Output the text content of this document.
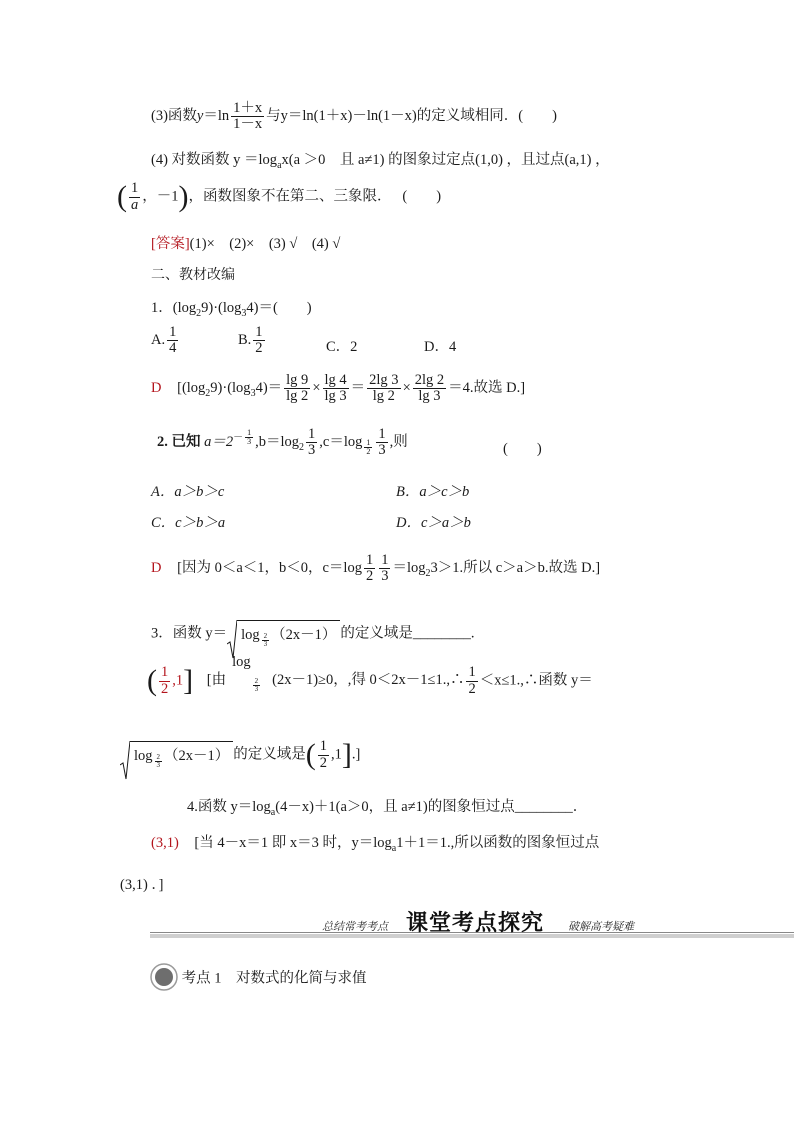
(3)函数$y=\ln \frac{1+x}{1-x}$ 与y＝ln(1＋x)－ln(1－x)的定义域相同．(　　)
(4) 对数函数 $y =\log_ax(a >0$　且 a≠1) 的图象过定点(1,0) ，且过点(a,1) ，
( $\frac{1}{a}$ ，－1)，函数图象不在第二、三象限．　 (　　)
[答案](1)×　(2)×　(3) √　(4) √
二、教材改编
1．$(\log_29)\cdot(\log_34)=$(　　)
A. $\frac{1}{4}$	B. $\frac{1}{2}$	C．2	D．4
D [$(\log_29)\cdot(\log_34)= \frac{\lg 9}{\lg 2} \times \frac{\lg 4}{\lg 3} = \frac{2\lg 3}{\lg 2} \times \frac{2\lg 2}{\lg 3} =4$.故选 D.]
2. 已知 $a=2^{- \frac{1}{3}}$ $,b=\log_2 \frac{1}{3} ,c=\log$ $_{\frac{1}{2}} \frac{1}{3}$ ,则	(　　)
A．a＞b＞c	B．a＞c＞b
C．c＞b＞a	D．c＞a＞b
D [因为 0＜a＜1，b＜0，$c=\log \frac{1}{2} \frac{1}{3} =\log_23>1$.所以 c＞a＞b.故选 D.]
3．函数 y＝ log $_{\frac{2}{3}}$ （2x－1） 的定义域是________.
( $\frac{1}{2} ,1$] [由log
$_{\frac{2}{3}}$ (2x－1)≥0，,得 0＜2x－1≤1.,∴ $\frac{1}{2}$ ＜x≤1.,∴函数 y＝
log $_{\frac{2}{3}}$ （2x－1） 的定义域是( $\frac{1}{2} ,1$].]
4.函数 $y=\log_a(4-x)+1(a>0$，且 a≠1)的图象恒过点________．
(3,1) [当 4－x＝1 即 x＝3 时，$y=\log_a1+1=1$.,所以函数的图象恒过点
(3,1) ．]
总结常考考点 课堂考点探究 破解高考疑难
考点 1　对数式的化简与求值
